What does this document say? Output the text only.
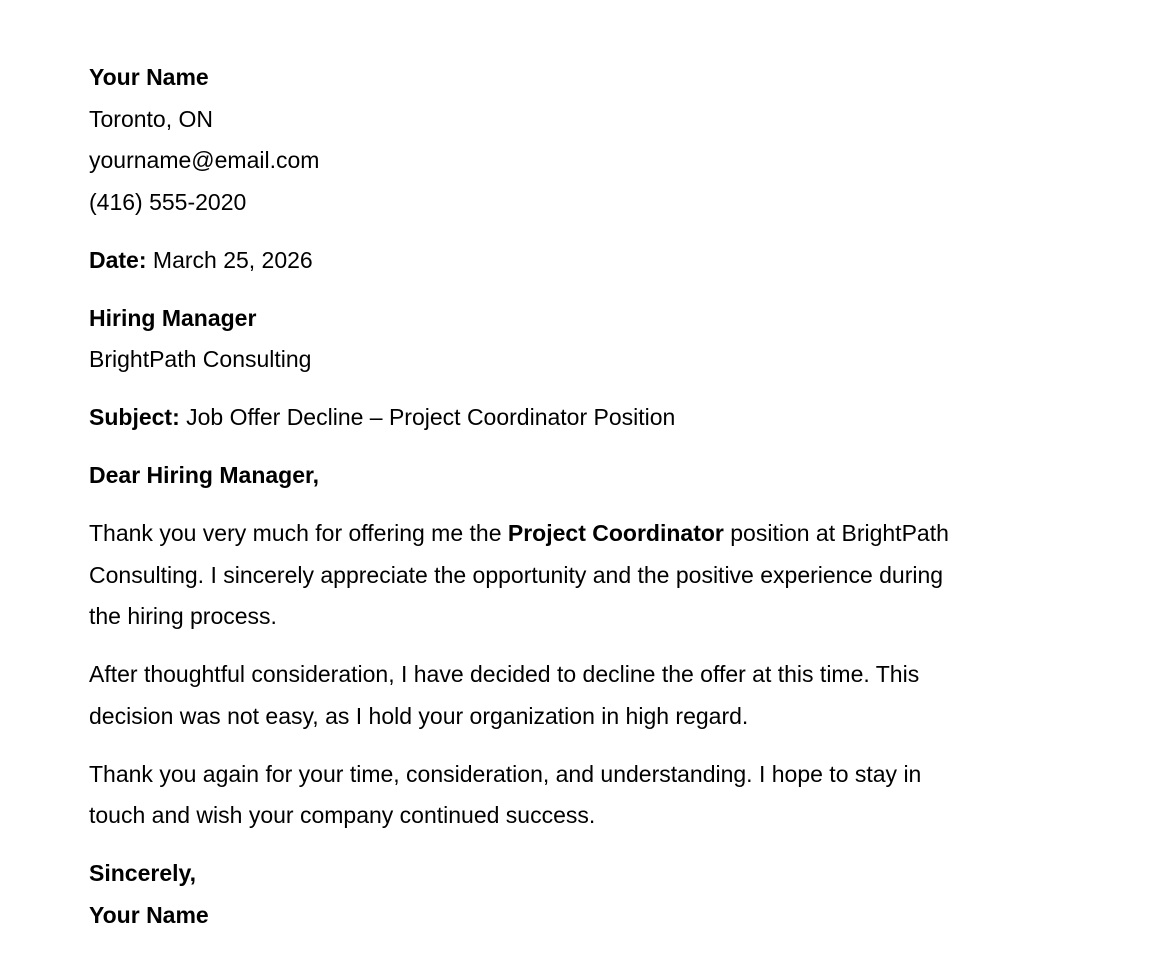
Your Name
Toronto, ON
yourname@email.com
(416) 555-2020
Date: March 25, 2026
Hiring Manager
BrightPath Consulting
Subject: Job Offer Decline – Project Coordinator Position
Dear Hiring Manager,
Thank you very much for offering me the Project Coordinator position at BrightPath
Consulting. I sincerely appreciate the opportunity and the positive experience during
the hiring process.
After thoughtful consideration, I have decided to decline the offer at this time. This
decision was not easy, as I hold your organization in high regard.
Thank you again for your time, consideration, and understanding. I hope to stay in
touch and wish your company continued success.
Sincerely,
Your Name
